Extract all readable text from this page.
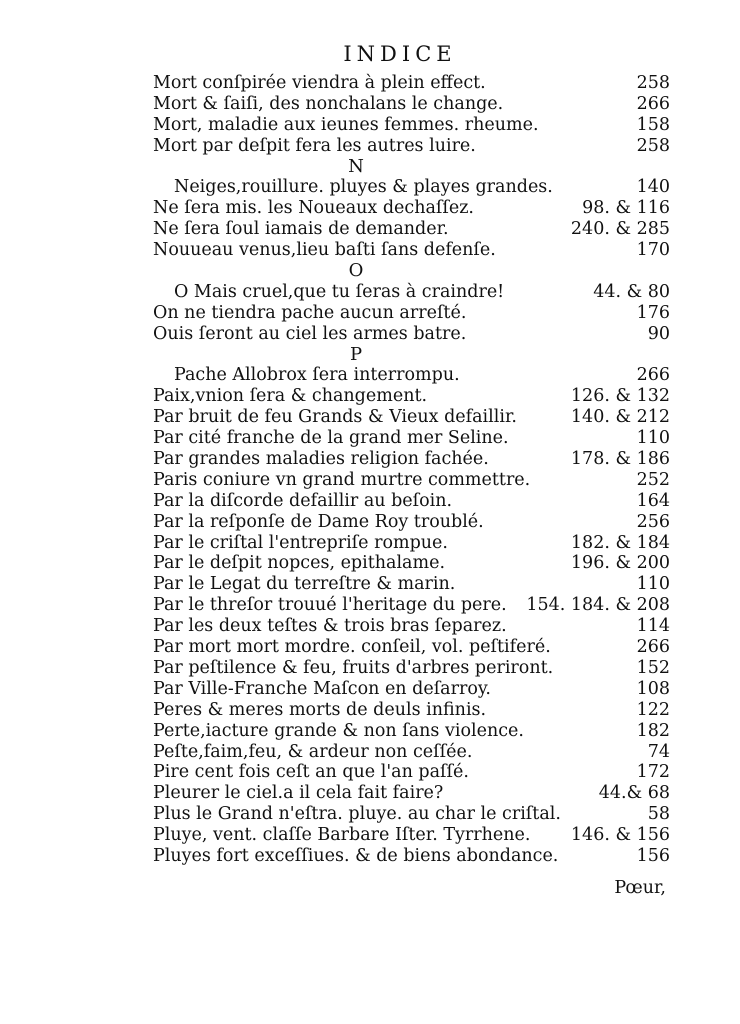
INDICE
Mort conſpirée viendra à plein effect.	258
Mort & ſaiſi, des nonchalans le change.	266
Mort, maladie aux ieunes femmes. rheume.	158
Mort par deſpit fera les autres luire.	258
N
Neiges,rouillure. pluyes & playes grandes.	140
Ne ſera mis. les Noueaux dechaſſez.	98. & 116
Ne ſera ſoul iamais de demander.	240. & 285
Nouueau venus,lieu baſti ſans defenſe.	170
O
O Mais cruel,que tu ſeras à craindre!	44. & 80
On ne tiendra pache aucun arreſté.	176
Ouis ſeront au ciel les armes batre.	90
P
Pache Allobrox ſera interrompu.	266
Paix,vnion ſera & changement.	126. & 132
Par bruit de feu Grands & Vieux defaillir.	140. & 212
Par cité franche de la grand mer Seline.	110
Par grandes maladies religion fachée.	178. & 186
Paris coniure vn grand murtre commettre.	252
Par la diſcorde defaillir au beſoin.	164
Par la reſponſe de Dame Roy troublé.	256
Par le criſtal l'entrepriſe rompue.	182. & 184
Par le deſpit nopces, epithalame.	196. & 200
Par le Legat du terreſtre & marin.	110
Par le threſor trouué l'heritage du pere. 154. 184. & 208
Par les deux teſtes & trois bras ſeparez.	114
Par mort mort mordre. conſeil, vol. peſtiferé.	266
Par peſtilence & feu, fruits d'arbres periront.	152
Par Ville-Franche Maſcon en deſarroy.	108
Peres & meres morts de deuls infinis.	122
Perte,iacture grande & non ſans violence.	182
Peſte,faim,feu, & ardeur non ceſſée.	74
Pire cent fois ceſt an que l'an paſſé.	172
Pleurer le ciel.a il cela fait faire?	44.& 68
Plus le Grand n'eſtra. pluye. au char le criſtal.	58
Pluye, vent. claſſe Barbare Iſter. Tyrrhene. 146. & 156
Pluyes fort exceſſiues. & de biens abondance.	156
Pœur,
